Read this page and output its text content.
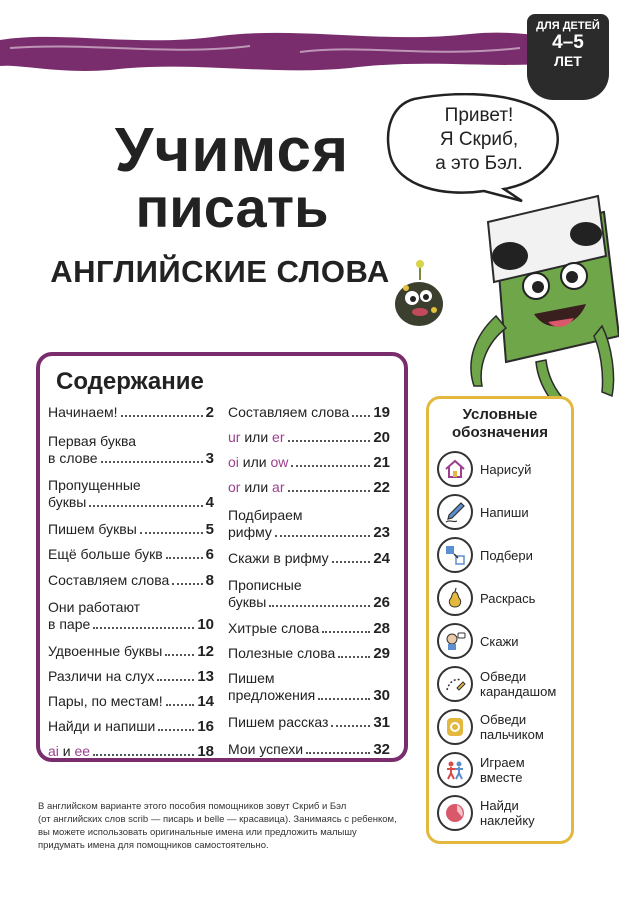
ДЛЯ ДЕТЕЙ
4–5
ЛЕТ
Учимся
писать
АНГЛИЙСКИЕ СЛОВА
Привет!
Я Скриб,
а это Бэл.
Содержание
Начинаем!	2
Первая буква
в слове	3
Пропущенные
буквы	4
Пишем буквы	5
Ещё больше букв	6
Составляем слова 8
Они работают
в паре	10
Удвоенные буквы 12
Различи на слух	13
Пары, по местам! 14
Найди и напиши	16
ai и ee	18
Составляем слова 19
ur или er	20
oi или ow	21
or или ar	22
Подбираем
рифму	23
Скажи в рифму	24
Прописные
буквы	26
Хитрые слова	28
Полезные слова	29
Пишем
предложения	30
Пишем рассказ	31
Мои успехи	32
Условные
обозначения
Нарисуй
Напиши
Подбери
Раскрась
Скажи
Обведи
карандашом
Обведи
пальчиком
Играем
вместе
Найди
наклейку
В английском варианте этого пособия помощников зовут Скриб и Бэл
(от английских слов scrib — писарь и belle — красавица). Занимаясь с ребенком,
вы можете использовать оригинальные имена или предложить малышу
придумать имена для помощников самостоятельно.
